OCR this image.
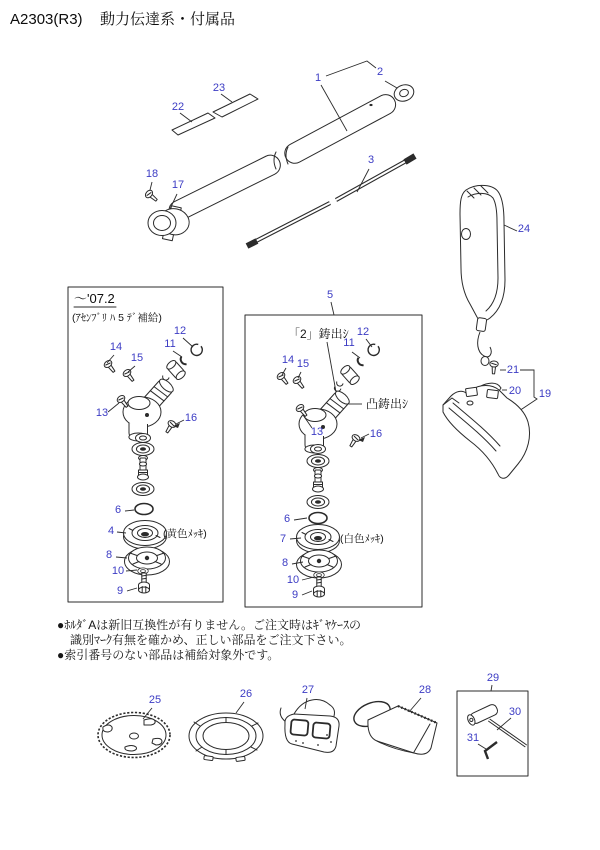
A2303(R3) 動力伝達系・付属品
23
22
1	2
3
17
18
24
21
20 19
～'07.2
(ｱｾﾝﾌﾞﾘ ﾊ 5 ﾃﾞ補給)
14
15
12
11
13	16
6
4	(黄色ﾒｯｷ)
8
10
9
5
「2」鋳出ｼ
凸鋳出ｼ
14 15
12
11
13	16
6
7	(白色ﾒｯｷ)
8
10
9
●ﾎﾙﾀﾞAは新旧互換性が有りません。ご注文時はｷﾞﾔｹｰｽの
識別ﾏｰｸ有無を確かめ、正しい部品をご注文下さい。
●索引番号のない部品は補給対象外です。
25	26	27	28
29
30
31
